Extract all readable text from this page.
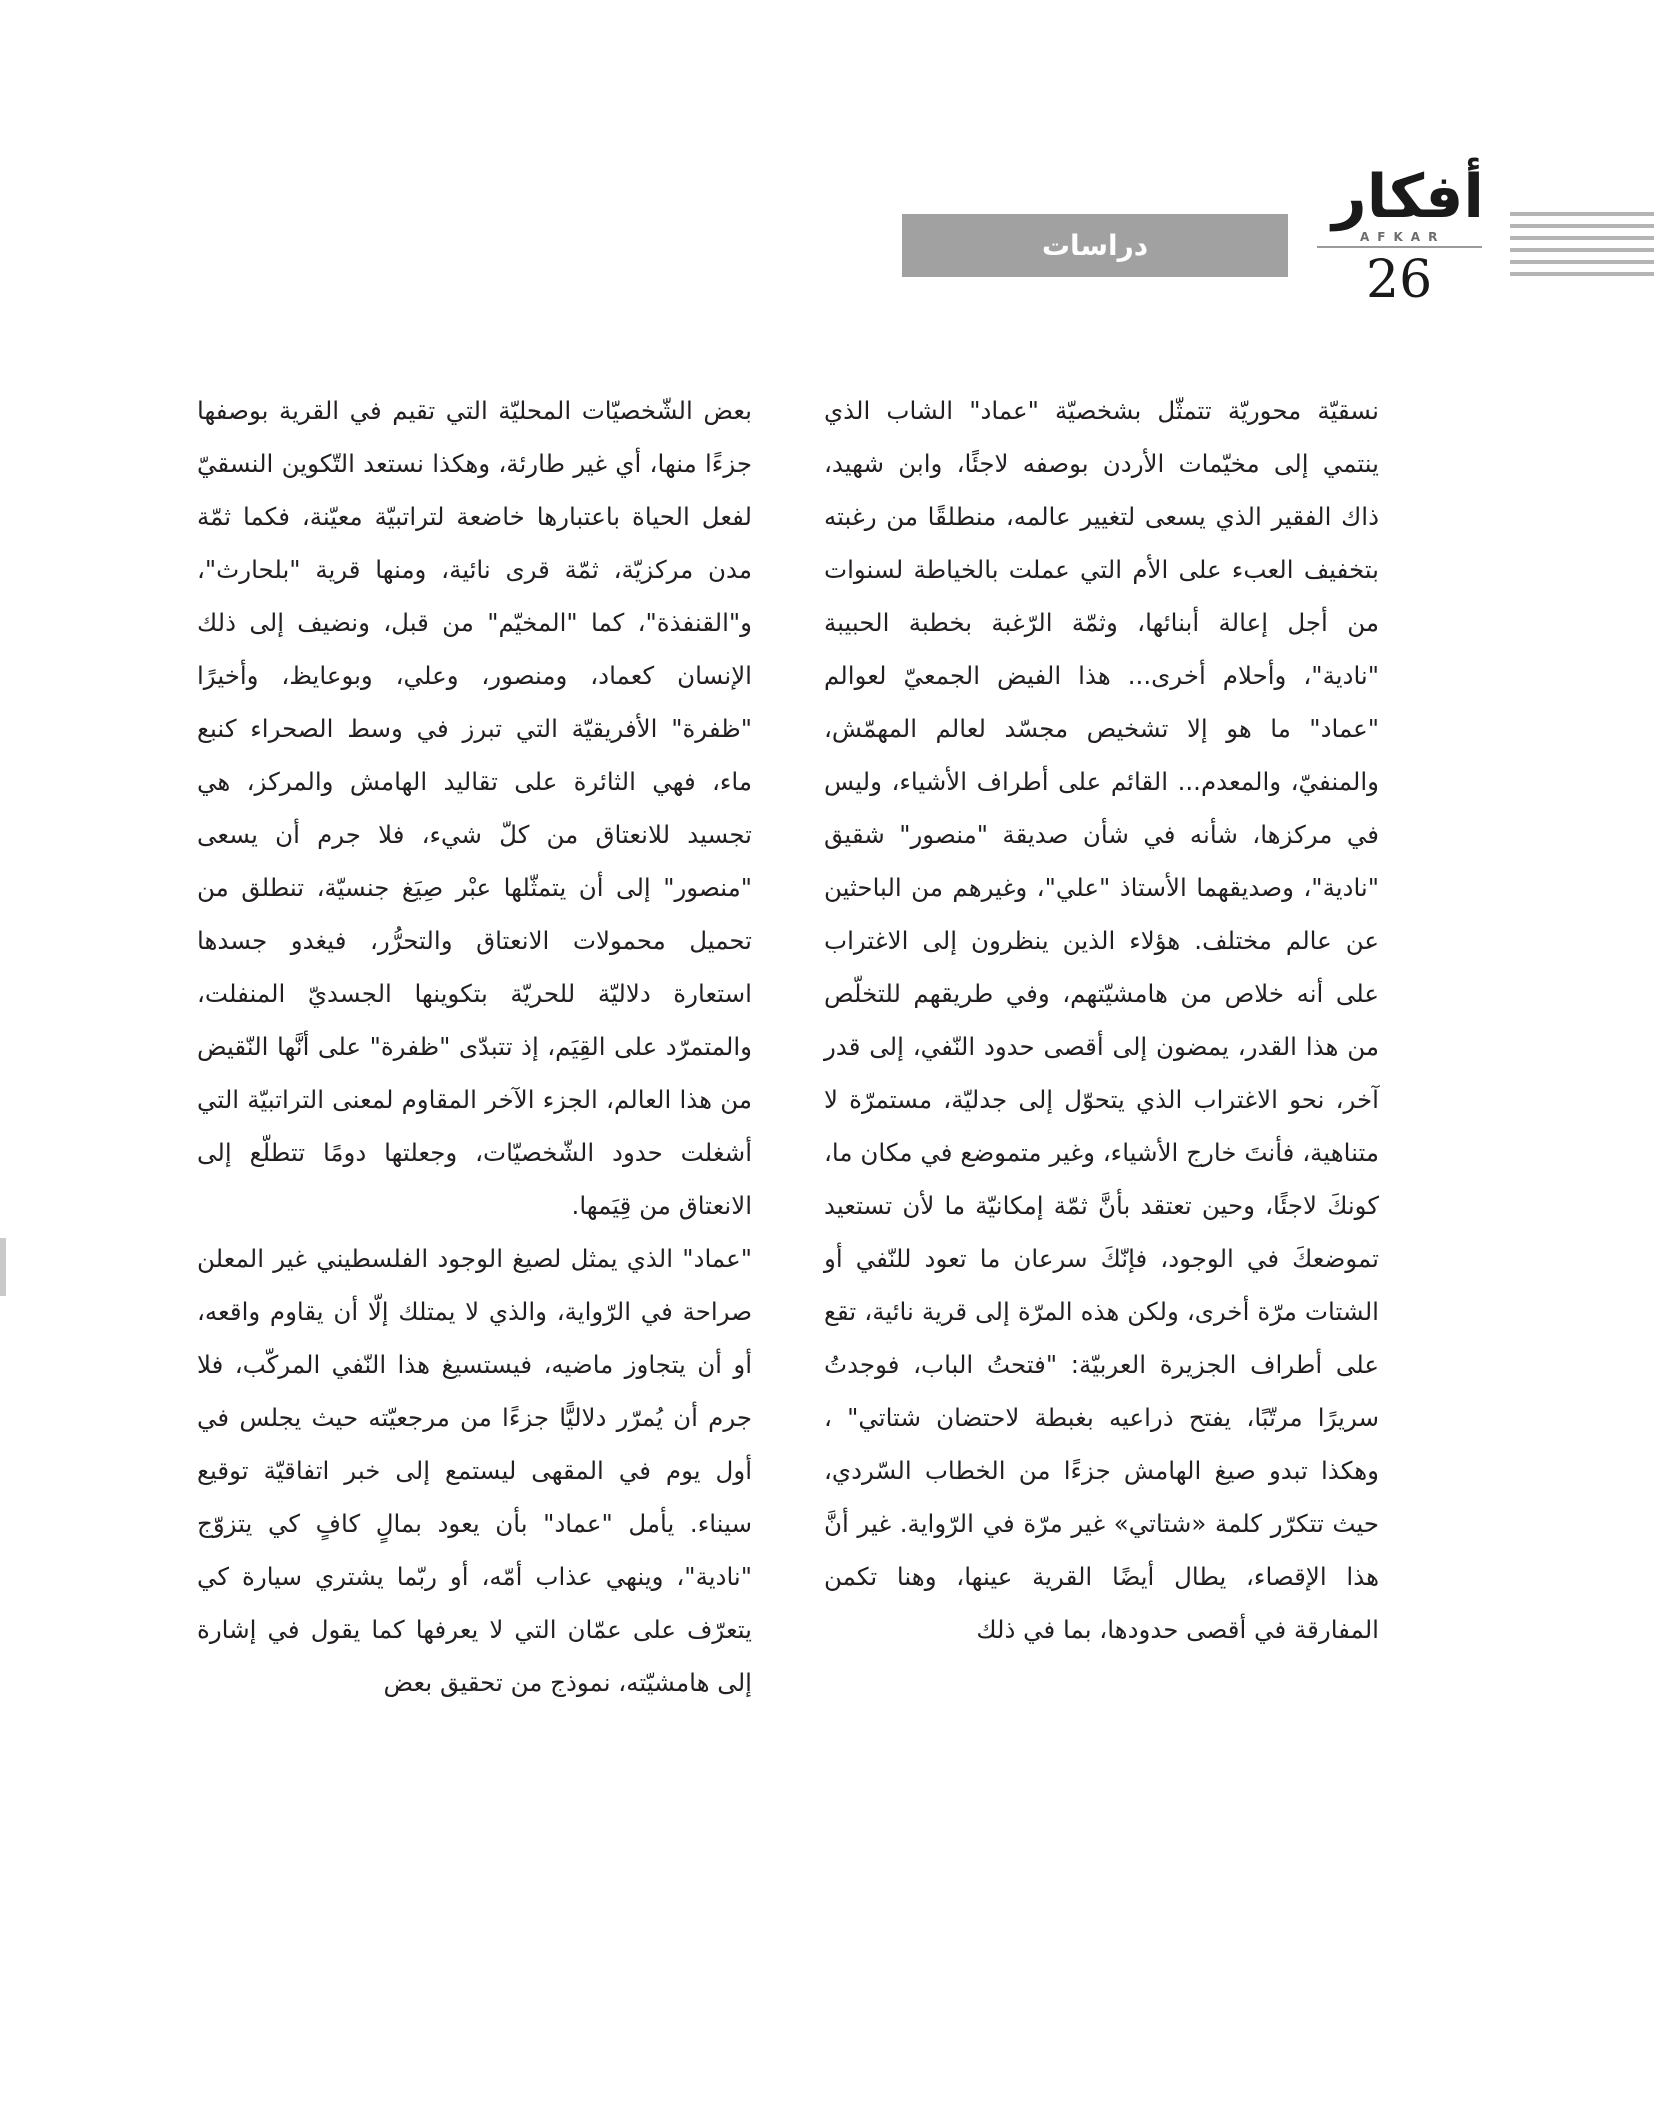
دراسات
أفكار
AFKAR
26

نسقيّة محوريّة تتمثّل بشخصيّة "عماد" الشاب الذي ينتمي إلى مخيّمات الأردن بوصفه لاجئًا، وابن شهيد، ذاك الفقير الذي يسعى لتغيير عالمه، منطلقًا من رغبته بتخفيف العبء على الأم التي عملت بالخياطة لسنوات من أجل إعالة أبنائها، وثمّة الرّغبة بخطبة الحبيبة "نادية"، وأحلام أخرى... هذا الفيض الجمعيّ لعوالم "عماد" ما هو إلا تشخيص مجسّد لعالم المهمّش، والمنفيّ، والمعدم... القائم على أطراف الأشياء، وليس في مركزها، شأنه في شأن صديقة "منصور" شقيق "نادية"، وصديقهما الأستاذ "علي"، وغيرهم من الباحثين عن عالم مختلف. هؤلاء الذين ينظرون إلى الاغتراب على أنه خلاص من هامشيّتهم، وفي طريقهم للتخلّص من هذا القدر، يمضون إلى أقصى حدود النّفي، إلى قدر آخر، نحو الاغتراب الذي يتحوّل إلى جدليّة، مستمرّة لا متناهية، فأنتَ خارج الأشياء، وغير متموضع في مكان ما، كونكَ لاجئًا، وحين تعتقد بأنَّ ثمّة إمكانيّة ما لأن تستعيد تموضعكَ في الوجود، فإنّكَ سرعان ما تعود للنّفي أو الشتات مرّة أخرى، ولكن هذه المرّة إلى قرية نائية، تقع على أطراف الجزيرة العربيّة: "فتحتُ الباب، فوجدتُ سريرًا مرتّبًا، يفتح ذراعيه بغبطة لاحتضان شتاتي" ، وهكذا تبدو صيغ الهامش جزءًا من الخطاب السّردي، حيث تتكرّر كلمة «شتاتي» غير مرّة في الرّواية. غير أنَّ هذا الإقصاء، يطال أيضًا القرية عينها، وهنا تكمن المفارقة في أقصى حدودها، بما في ذلك

بعض الشّخصيّات المحليّة التي تقيم في القرية بوصفها جزءًا منها، أي غير طارئة، وهكذا نستعد التّكوين النسقيّ لفعل الحياة باعتبارها خاضعة لتراتبيّة معيّنة، فكما ثمّة مدن مركزيّة، ثمّة قرى نائية، ومنها قرية "بلحارث"، و"القنفذة"، كما "المخيّم" من قبل، ونضيف إلى ذلك الإنسان كعماد، ومنصور، وعلي، وبوعايظ، وأخيرًا "ظفرة" الأفريقيّة التي تبرز في وسط الصحراء كنبع ماء، فهي الثائرة على تقاليد الهامش والمركز، هي تجسيد للانعتاق من كلّ شيء، فلا جرم أن يسعى "منصور" إلى أن يتمثّلها عبْر صِيَغ جنسيّة، تنطلق من تحميل محمولات الانعتاق والتحرُّر، فيغدو جسدها استعارة دلاليّة للحريّة بتكوينها الجسديّ المنفلت، والمتمرّد على القِيَم، إذ تتبدّى "ظفرة" على أنَّها النّقيض من هذا العالم، الجزء الآخر المقاوم لمعنى التراتبيّة التي أشغلت حدود الشّخصيّات، وجعلتها دومًا تتطلّع إلى الانعتاق من قِيَمها.

"عماد" الذي يمثل لصيغ الوجود الفلسطيني غير المعلن صراحة في الرّواية، والذي لا يمتلك إلّا أن يقاوم واقعه، أو أن يتجاوز ماضيه، فيستسيغ هذا النّفي المركّب، فلا جرم أن يُمرّر دلاليًّا جزءًا من مرجعيّته حيث يجلس في أول يوم في المقهى ليستمع إلى خبر اتفاقيّة توقيع سيناء. يأمل "عماد" بأن يعود بمالٍ كافٍ كي يتزوّج "نادية"، وينهي عذاب أمّه، أو ربّما يشتري سيارة كي يتعرّف على عمّان التي لا يعرفها كما يقول في إشارة إلى هامشيّته، نموذج من تحقيق بعض
